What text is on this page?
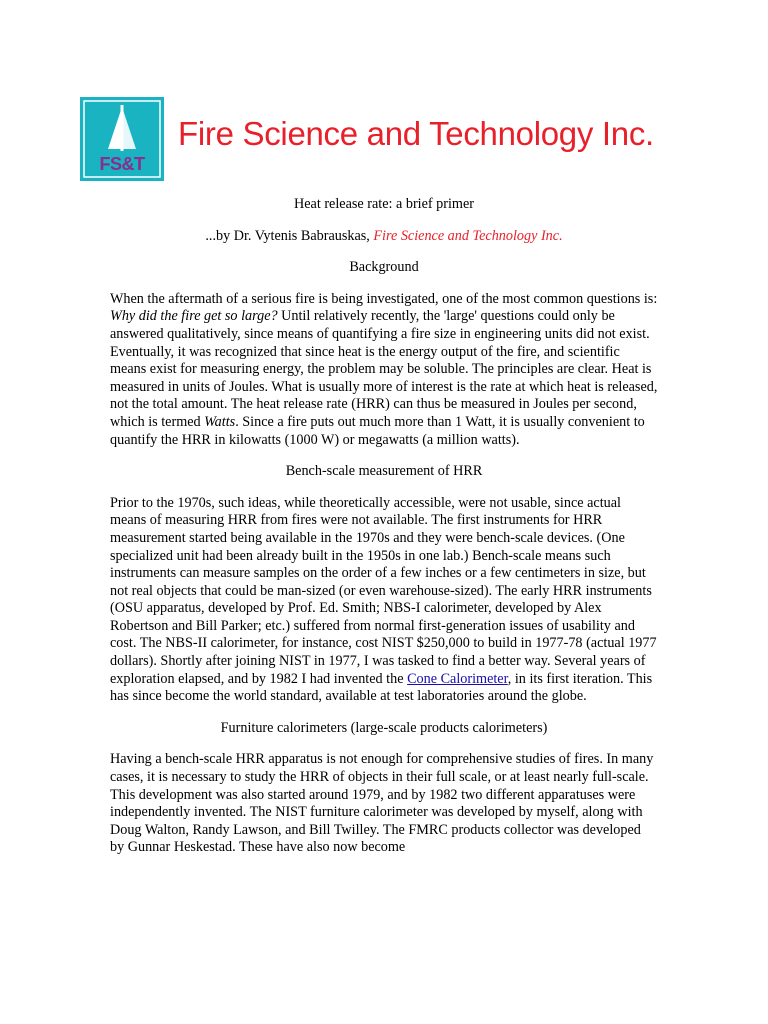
FS&T
Fire Science and Technology Inc.

Heat release rate: a brief primer

...by Dr. Vytenis Babrauskas, Fire Science and Technology Inc.

Background

When the aftermath of a serious fire is being investigated, one of the most common questions is: Why did the fire get so large? Until relatively recently, the 'large' questions could only be answered qualitatively, since means of quantifying a fire size in engineering units did not exist. Eventually, it was recognized that since heat is the energy output of the fire, and scientific means exist for measuring energy, the problem may be soluble. The principles are clear. Heat is measured in units of Joules. What is usually more of interest is the rate at which heat is released, not the total amount. The heat release rate (HRR) can thus be measured in Joules per second, which is termed Watts. Since a fire puts out much more than 1 Watt, it is usually convenient to quantify the HRR in kilowatts (1000 W) or megawatts (a million watts).

Bench-scale measurement of HRR

Prior to the 1970s, such ideas, while theoretically accessible, were not usable, since actual means of measuring HRR from fires were not available. The first instruments for HRR measurement started being available in the 1970s and they were bench-scale devices. (One specialized unit had been already built in the 1950s in one lab.) Bench-scale means such instruments can measure samples on the order of a few inches or a few centimeters in size, but not real objects that could be man-sized (or even warehouse-sized). The early HRR instruments (OSU apparatus, developed by Prof. Ed. Smith; NBS-I calorimeter, developed by Alex Robertson and Bill Parker; etc.) suffered from normal first-generation issues of usability and cost. The NBS-II calorimeter, for instance, cost NIST $250,000 to build in 1977-78 (actual 1977 dollars). Shortly after joining NIST in 1977, I was tasked to find a better way. Several years of exploration elapsed, and by 1982 I had invented the Cone Calorimeter, in its first iteration. This has since become the world standard, available at test laboratories around the globe.

Furniture calorimeters (large-scale products calorimeters)

Having a bench-scale HRR apparatus is not enough for comprehensive studies of fires. In many cases, it is necessary to study the HRR of objects in their full scale, or at least nearly full-scale. This development was also started around 1979, and by 1982 two different apparatuses were independently invented. The NIST furniture calorimeter was developed by myself, along with Doug Walton, Randy Lawson, and Bill Twilley. The FMRC products collector was developed by Gunnar Heskestad. These have also now become
